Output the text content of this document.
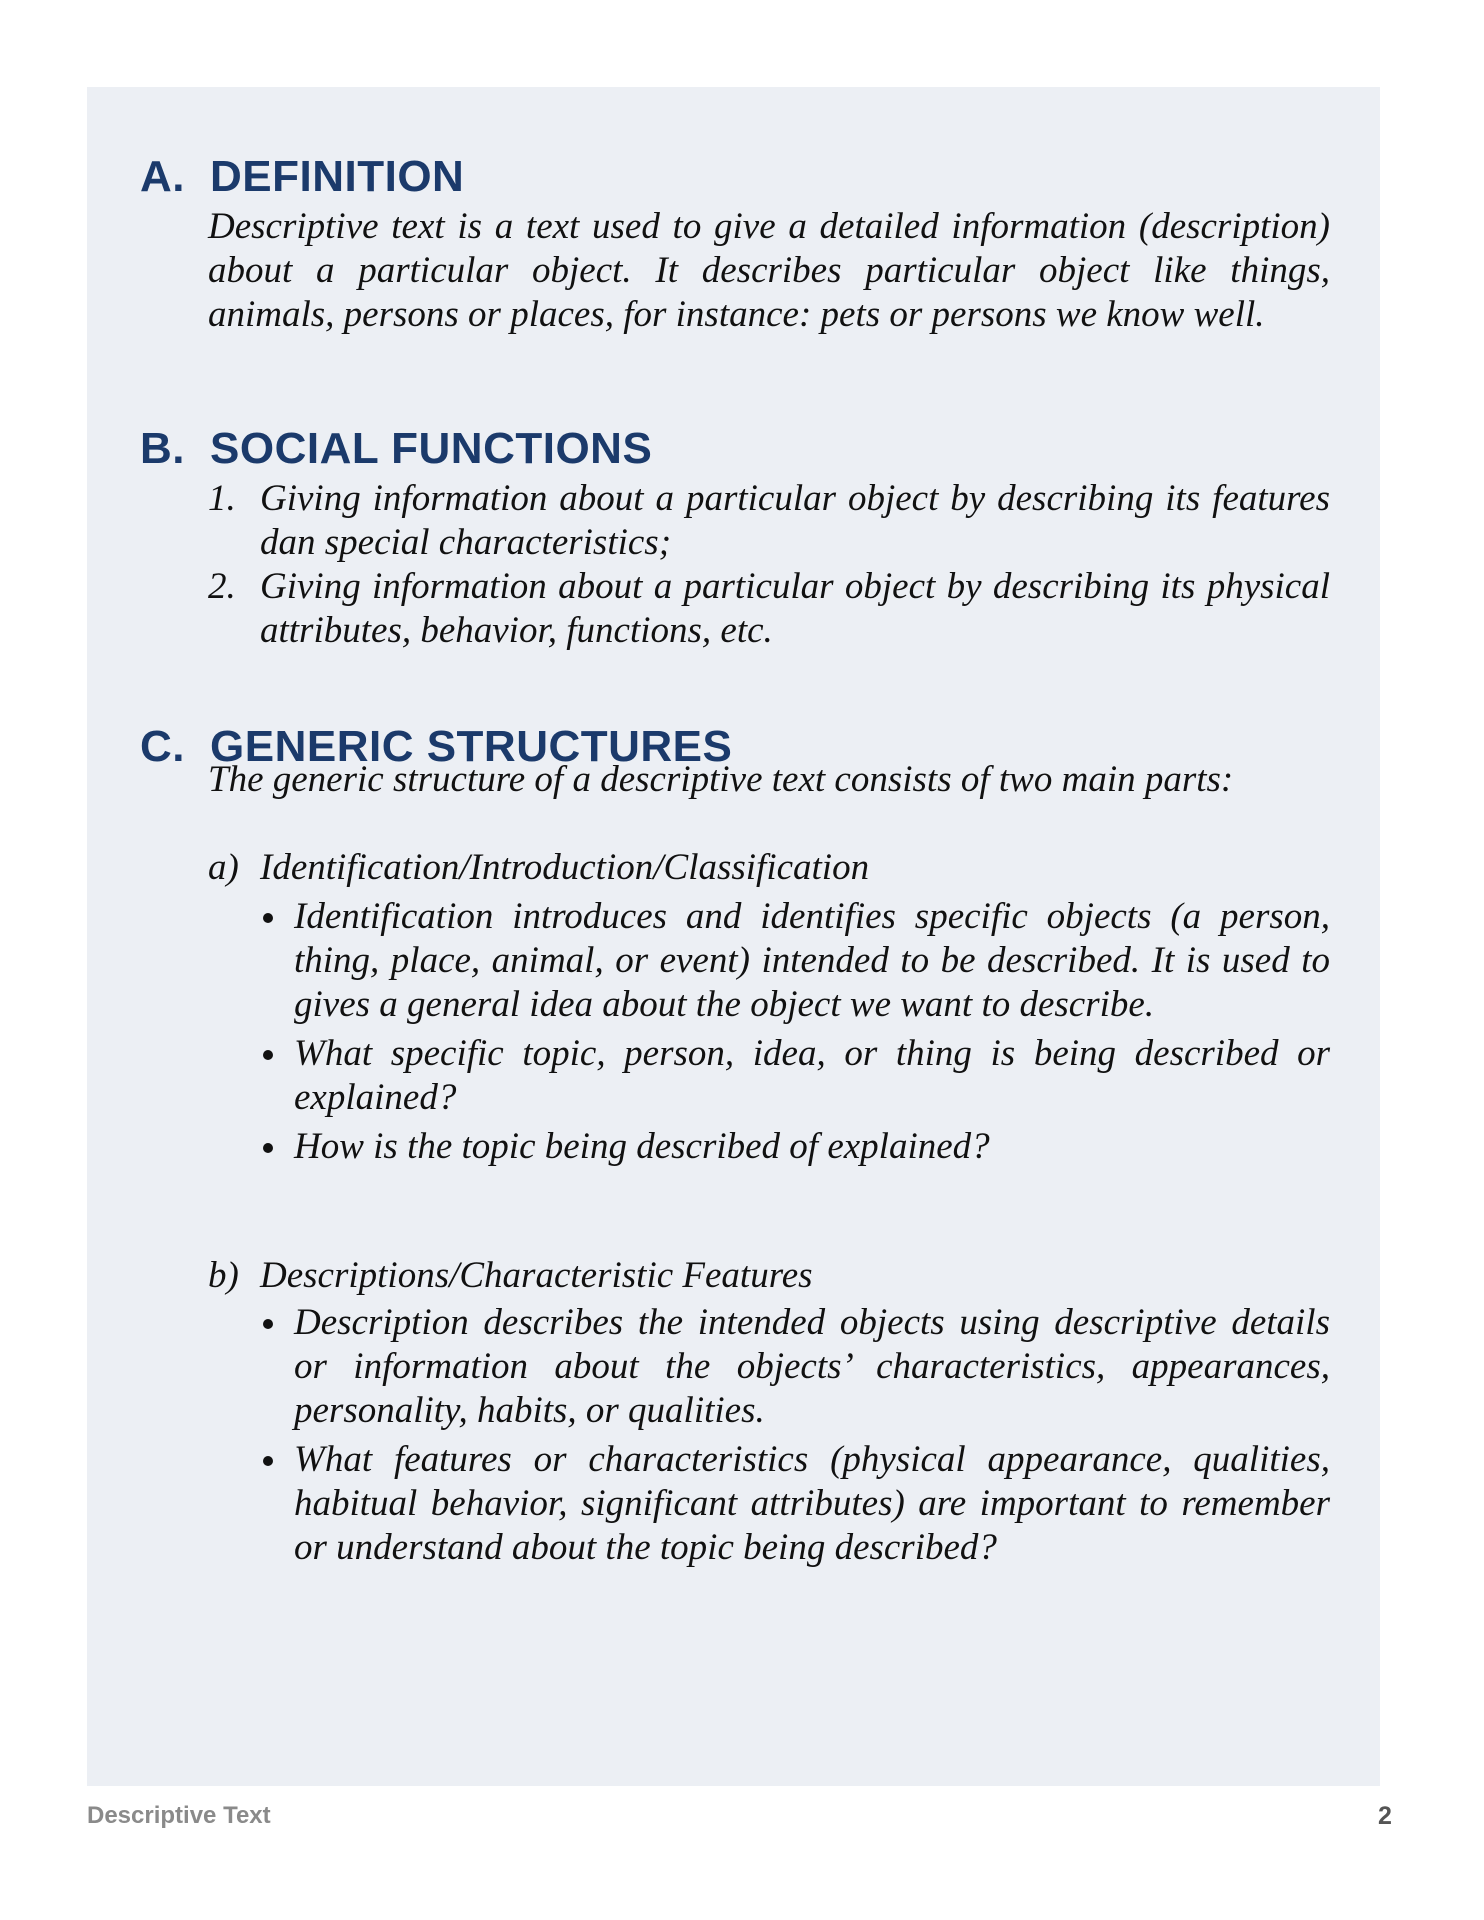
A. DEFINITION
Descriptive text is a text used to give a detailed information (description) about a particular object. It describes particular object like things, animals, persons or places, for instance: pets or persons we know well.
B. SOCIAL FUNCTIONS
1. Giving information about a particular object by describing its features dan special characteristics;
2. Giving information about a particular object by describing its physical attributes, behavior, functions, etc.
C. GENERIC STRUCTURES
The generic structure of a descriptive text consists of two main parts:
a) Identification/Introduction/Classification
Identification introduces and identifies specific objects (a person, thing, place, animal, or event) intended to be described. It is used to gives a general idea about the object we want to describe.
What specific topic, person, idea, or thing is being described or explained?
How is the topic being described of explained?
b) Descriptions/Characteristic Features
Description describes the intended objects using descriptive details or information about the objects’ characteristics, appearances, personality, habits, or qualities.
What features or characteristics (physical appearance, qualities, habitual behavior, significant attributes) are important to remember or understand about the topic being described?
Descriptive Text	2
